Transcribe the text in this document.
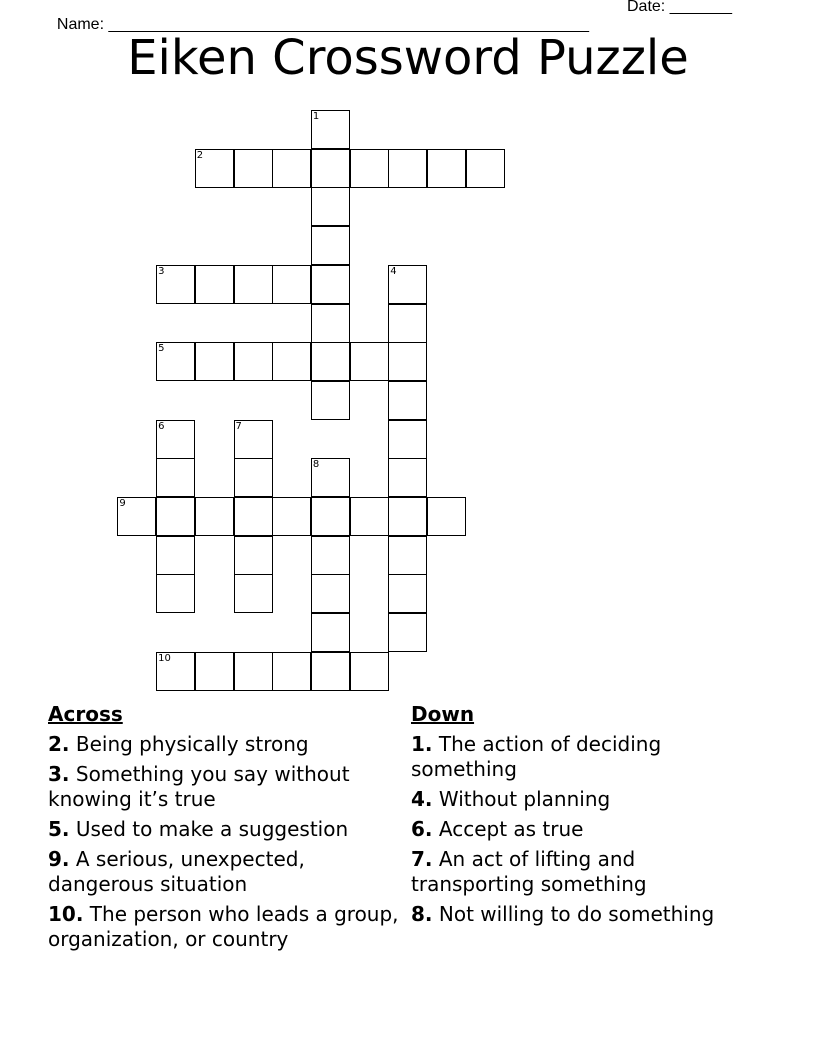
Name: ______________________________________________________

Date: _______

Eiken Crossword Puzzle
1
2
3	4
5
6	7
8
9
10
Across
2. Being physically strong
3. Something you say without knowing it’s true
5. Used to make a suggestion
9. A serious, unexpected, dangerous situation
10. The person who leads a group, organization, or country
Down
1. The action of deciding something
4. Without planning
6. Accept as true
7. An act of lifting and transporting something
8. Not willing to do something
